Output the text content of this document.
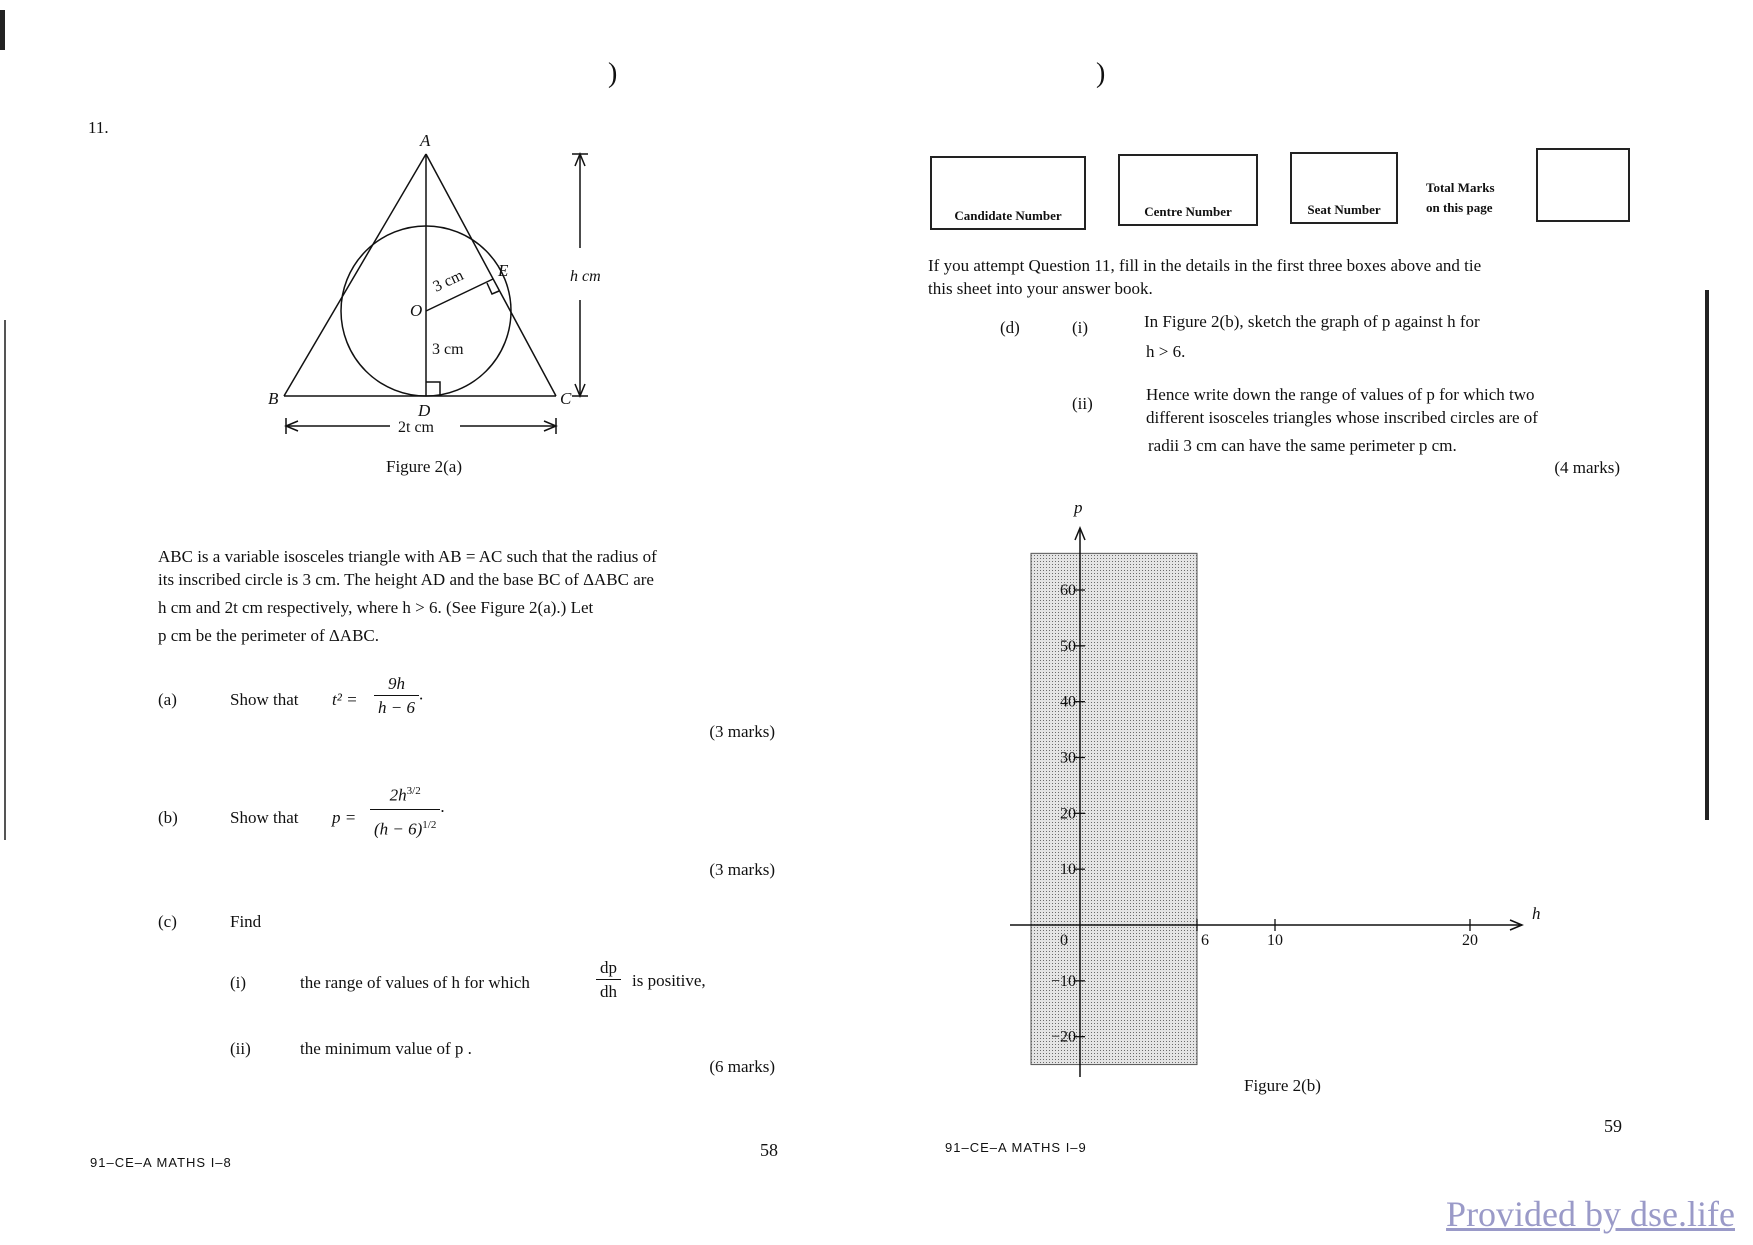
)	)
11.
A
B	C
D
E
O
3 cm
3 cm
h cm
2t cm
Figure 2(a)
ABC is a variable isosceles triangle with AB = AC such that the radius of
its inscribed circle is 3 cm. The height AD and the base BC of ΔABC are
h cm and 2t cm respectively, where h > 6. (See Figure 2(a).) Let
p cm be the perimeter of ΔABC.
(a)	Show that $t^2 = \frac{9h}{h - 6}$ .
(3 marks)
(b)	Show that $p = \frac{2h^{3/2}}{(h - 6)^{1/2}}$ .
(3 marks)
(c)	Find
(i)	the range of values of h for which	$\frac{dp}{dh}$ is positive,
(ii)	the minimum value of p .
(6 marks)
91–CE–A MATHS I–8
58
Candidate Number	Centre Number	Seat Number
Total Marks
on this page
If you attempt Question 11, fill in the details in the first three boxes above and tie
this sheet into your answer book.
(d)	(i)	In Figure 2(b), sketch the graph of p against h for
h > 6.
(ii)	Hence write down the range of values of p for which two
different isosceles triangles whose inscribed circles are of
radii 3 cm can have the same perimeter p cm.
(4 marks)
h
p
0	6	10	20
60
50
40
30
20
10
−10
−20
Figure 2(b)
91–CE–A MATHS I–9
59
Provided by dse.life
